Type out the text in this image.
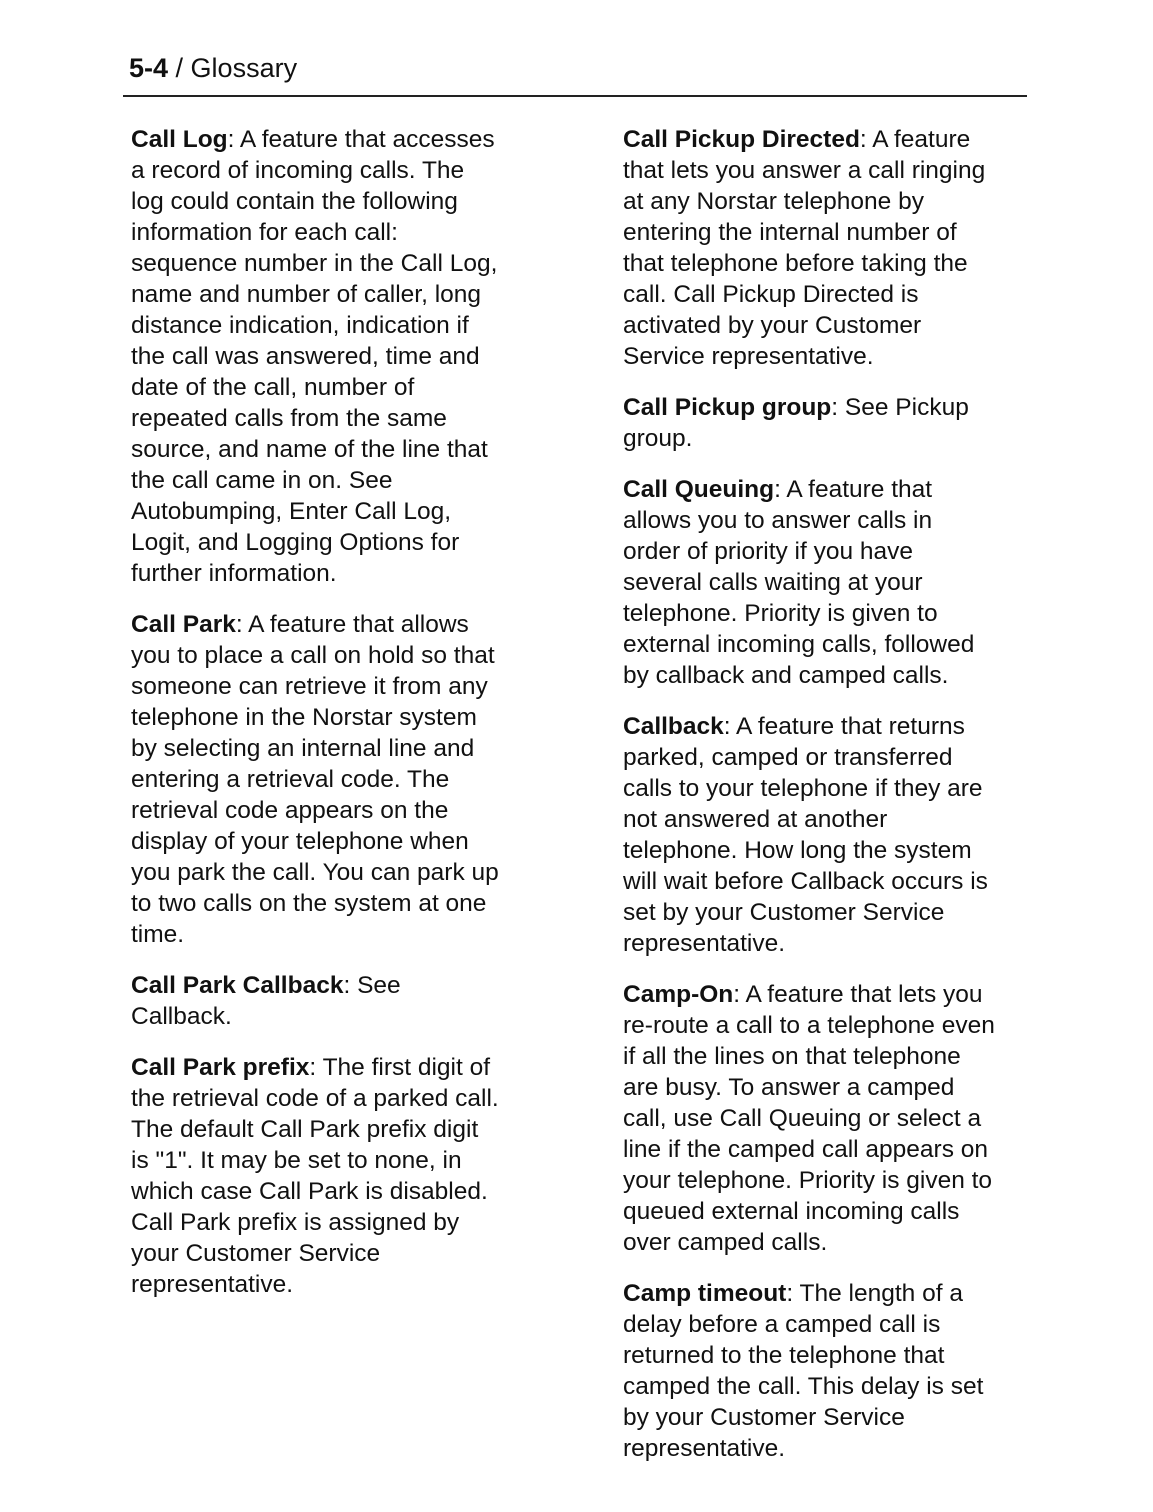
5-4 / Glossary

Call Log: A feature that accesses a record of incoming calls. The log could contain the following information for each call: sequence number in the Call Log, name and number of caller, long distance indication, indication if the call was answered, time and date of the call, number of repeated calls from the same source, and name of the line that the call came in on. See Autobumping, Enter Call Log, Logit, and Logging Options for further information.

Call Park: A feature that allows you to place a call on hold so that someone can retrieve it from any telephone in the Norstar system by selecting an internal line and entering a retrieval code. The retrieval code appears on the display of your telephone when you park the call. You can park up to two calls on the system at one time.

Call Park Callback: See Callback.

Call Park prefix: The first digit of the retrieval code of a parked call. The default Call Park prefix digit is "1". It may be set to none, in which case Call Park is disabled. Call Park prefix is assigned by your Customer Service representative.

Call Pickup Directed: A feature that lets you answer a call ringing at any Norstar telephone by entering the internal number of that telephone before taking the call. Call Pickup Directed is activated by your Customer Service representative.

Call Pickup group: See Pickup group.

Call Queuing: A feature that allows you to answer calls in order of priority if you have several calls waiting at your telephone. Priority is given to external incoming calls, followed by callback and camped calls.

Callback: A feature that returns parked, camped or transferred calls to your telephone if they are not answered at another telephone. How long the system will wait before Callback occurs is set by your Customer Service representative.

Camp-On: A feature that lets you re-route a call to a telephone even if all the lines on that telephone are busy. To answer a camped call, use Call Queuing or select a line if the camped call appears on your telephone. Priority is given to queued external incoming calls over camped calls.

Camp timeout: The length of a delay before a camped call is returned to the telephone that camped the call. This delay is set by your Customer Service representative.
